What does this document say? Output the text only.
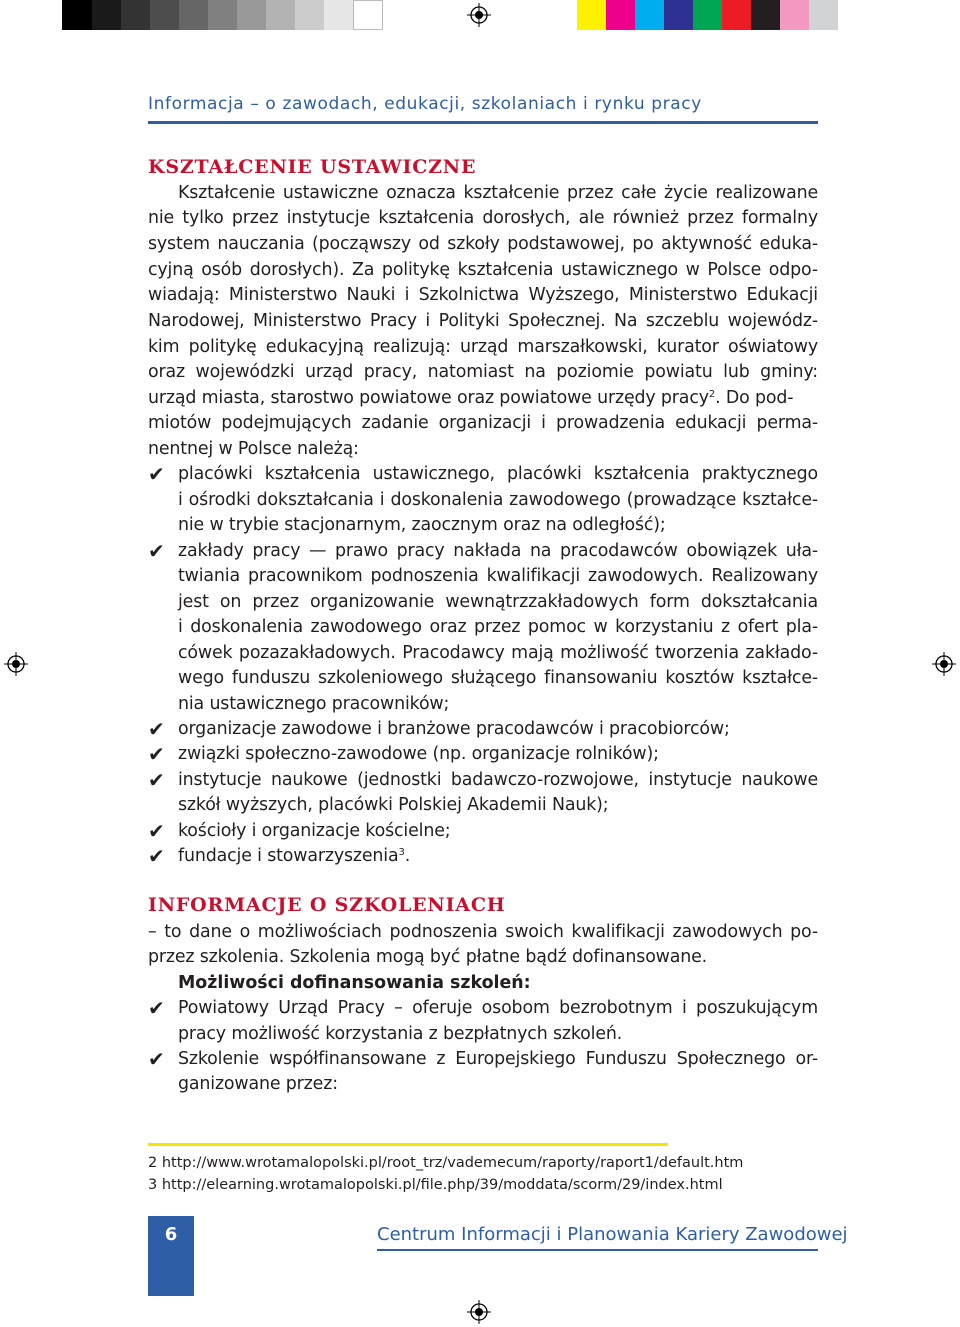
Informacja – o zawodach, edukacji, szkolaniach i rynku pracy
KSZTAŁCENIE USTAWICZNE
Kształcenie ustawiczne oznacza kształcenie przez całe życie realizowane
nie tylko przez instytucje kształcenia dorosłych, ale również przez formalny
system nauczania (począwszy od szkoły podstawowej, po aktywność eduka-
cyjną osób dorosłych). Za politykę kształcenia ustawicznego w Polsce odpo-
wiadają: Ministerstwo Nauki i Szkolnictwa Wyższego, Ministerstwo Edukacji
Narodowej, Ministerstwo Pracy i Polityki Społecznej. Na szczeblu wojewódz-
kim politykę edukacyjną realizują: urząd marszałkowski, kurator oświatowy
oraz wojewódzki urząd pracy, natomiast na poziomie powiatu lub gminy:
urząd miasta, starostwo powiatowe oraz powiatowe urzędy pracy$^2$. Do pod-
miotów podejmujących zadanie organizacji i prowadzenia edukacji perma-
nentnej w Polsce należą:
✔ placówki kształcenia ustawicznego, placówki kształcenia praktycznego
i ośrodki dokształcania i doskonalenia zawodowego (prowadzące kształce-
nie w trybie stacjonarnym, zaocznym oraz na odległość);
✔ zakłady pracy — prawo pracy nakłada na pracodawców obowiązek uła-
twiania pracownikom podnoszenia kwalifikacji zawodowych. Realizowany
jest on przez organizowanie wewnątrzzakładowych form dokształcania
i doskonalenia zawodowego oraz przez pomoc w korzystaniu z ofert pla-
cówek pozazakładowych. Pracodawcy mają możliwość tworzenia zakłado-
wego funduszu szkoleniowego służącego finansowaniu kosztów kształce-
nia ustawicznego pracowników;
✔ organizacje zawodowe i branżowe pracodawców i pracobiorców;
✔ związki społeczno-zawodowe (np. organizacje rolników);
✔ instytucje naukowe (jednostki badawczo-rozwojowe, instytucje naukowe
szkół wyższych, placówki Polskiej Akademii Nauk);
✔ kościoły i organizacje kościelne;
✔ fundacje i stowarzyszenia$^3$.
INFORMACJE O SZKOLENIACH
– to dane o możliwościach podnoszenia swoich kwalifikacji zawodowych po-
przez szkolenia. Szkolenia mogą być płatne bądź dofinansowane.
Możliwości dofinansowania szkoleń:
✔ Powiatowy Urząd Pracy – oferuje osobom bezrobotnym i poszukującym
pracy możliwość korzystania z bezpłatnych szkoleń.
✔ Szkolenie współfinansowane z Europejskiego Funduszu Społecznego or-
ganizowane przez:
2 http://www.wrotamalopolski.pl/root_trz/vademecum/raporty/raport1/default.htm
3 http://elearning.wrotamalopolski.pl/file.php/39/moddata/scorm/29/index.html
6	Centrum Informacji i Planowania Kariery Zawodowej
